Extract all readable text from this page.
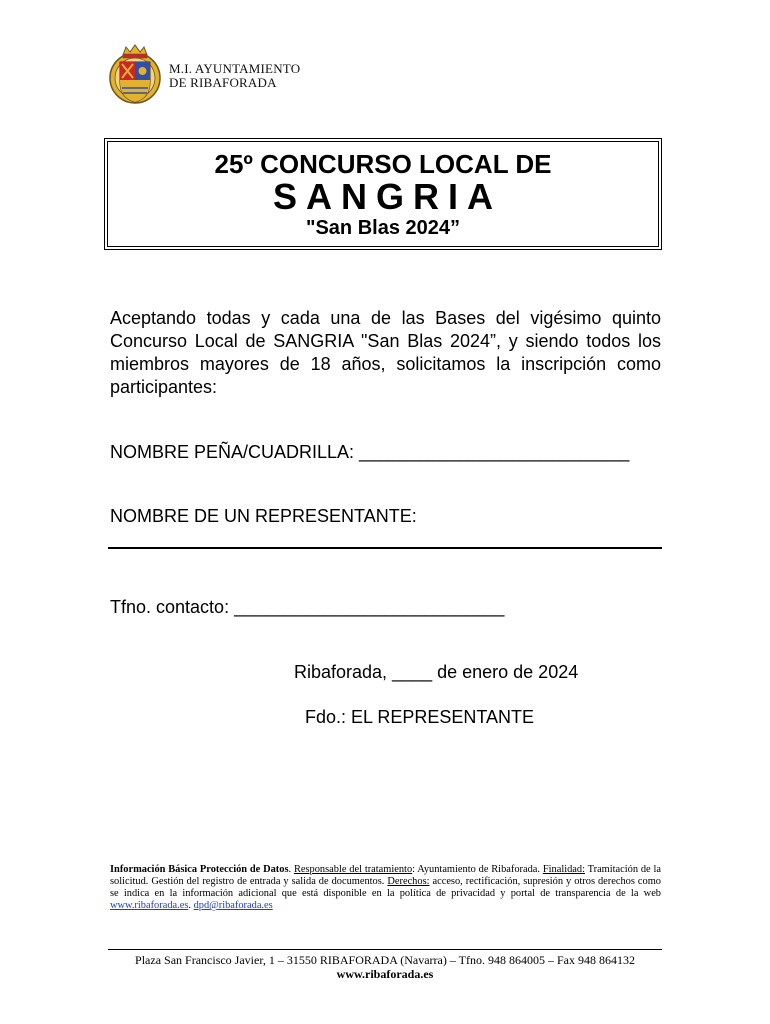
M.I. AYUNTAMIENTO
DE RIBAFORADA
25º CONCURSO LOCAL DE
SANGRIA
"San Blas 2024”
Aceptando todas y cada una de las Bases del vigésimo quinto Concurso Local de SANGRIA "San Blas 2024”, y siendo todos los miembros mayores de 18 años, solicitamos la inscripción como participantes:
NOMBRE PEÑA/CUADRILLA: ___________________________
NOMBRE DE UN REPRESENTANTE:
Tfno. contacto: ___________________________
Ribaforada, ____ de enero de 2024
Fdo.: EL REPRESENTANTE
Información Básica Protección de Datos. Responsable del tratamiento: Ayuntamiento de Ribaforada. Finalidad: Tramitación de la solicitud. Gestión del registro de entrada y salida de documentos. Derechos: acceso, rectificación, supresión y otros derechos como se indica en la información adicional que está disponible en la política de privacidad y portal de transparencia de la web www.ribaforada.es. dpd@ribaforada.es
Plaza San Francisco Javier, 1 – 31550 RIBAFORADA (Navarra) – Tfno. 948 864005 – Fax 948 864132
www.ribaforada.es
